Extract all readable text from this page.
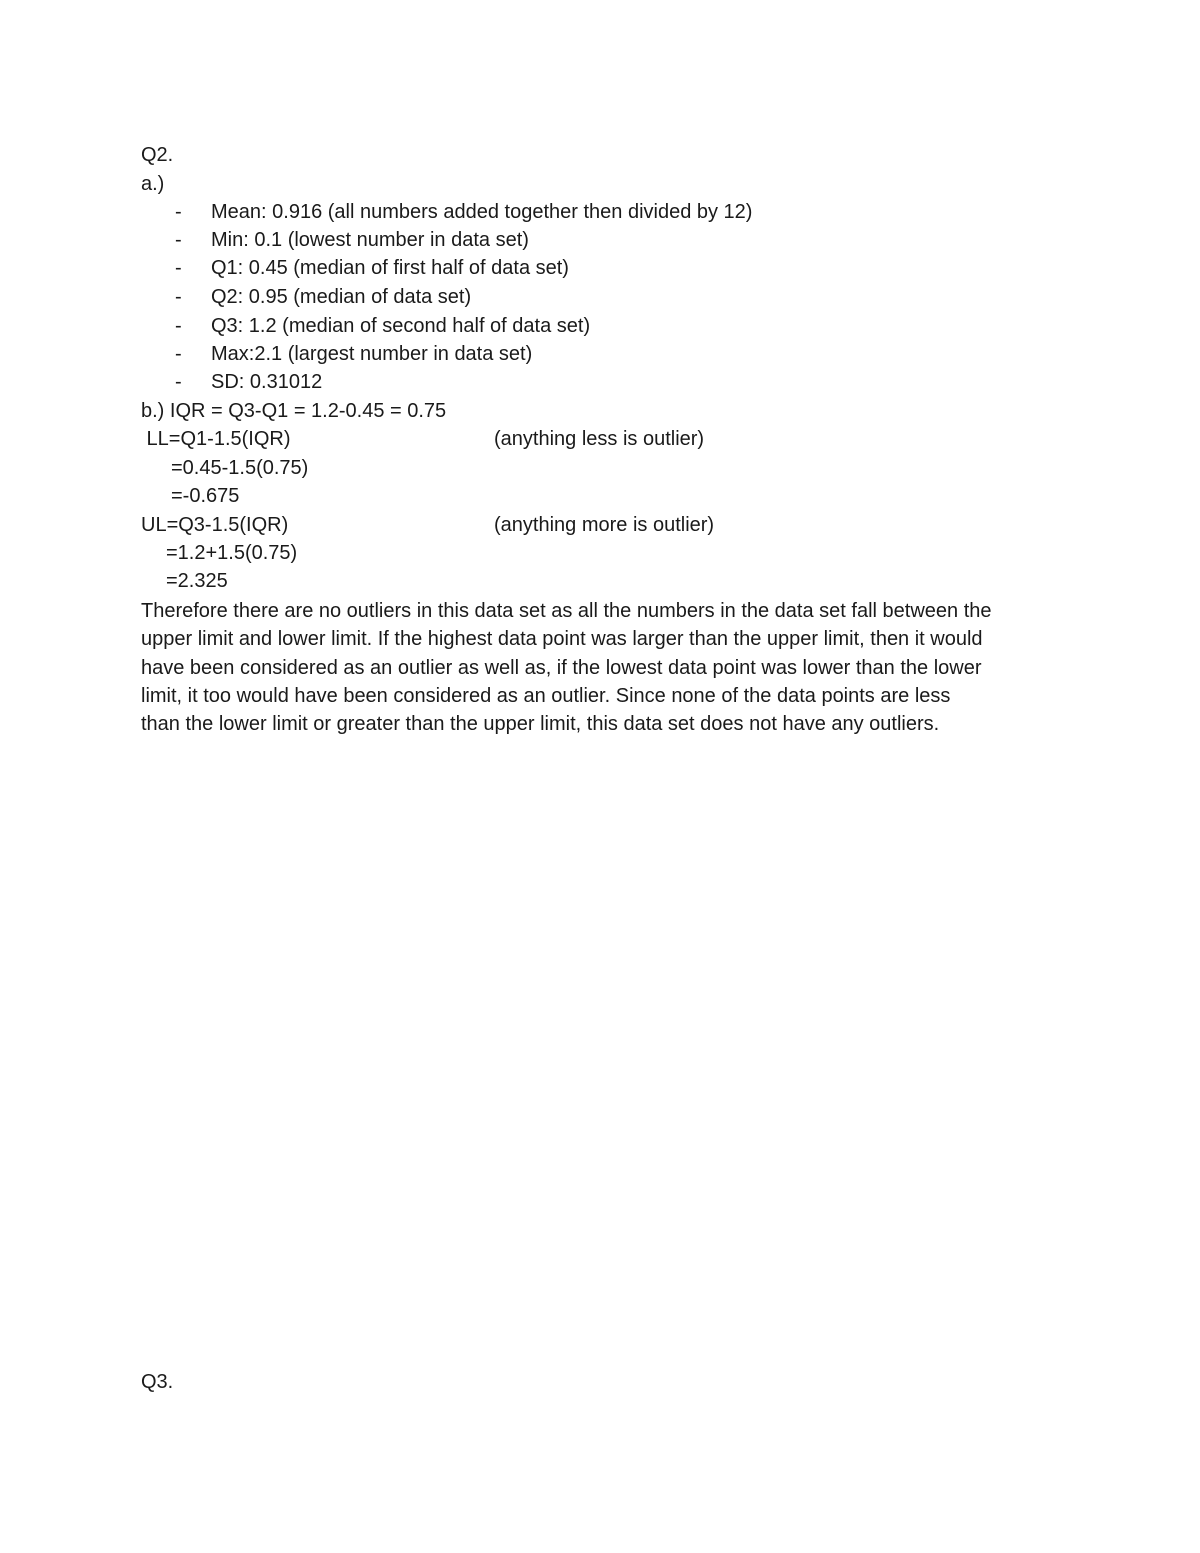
Q2.
a.)
- Mean: 0.916 (all numbers added together then divided by 12)
- Min: 0.1 (lowest number in data set)
- Q1: 0.45 (median of first half of data set)
- Q2: 0.95 (median of data set)
- Q3: 1.2 (median of second half of data set)
- Max:2.1 (largest number in data set)
- SD: 0.31012
b.) IQR = Q3-Q1 = 1.2-0.45 = 0.75
LL=Q1-1.5(IQR)	(anything less is outlier)
=0.45-1.5(0.75)
=-0.675
UL=Q3-1.5(IQR)	(anything more is outlier)
=1.2+1.5(0.75)
=2.325
Therefore there are no outliers in this data set as all the numbers in the data set fall between the
upper limit and lower limit. If the highest data point was larger than the upper limit, then it would
have been considered as an outlier as well as, if the lowest data point was lower than the lower
limit, it too would have been considered as an outlier. Since none of the data points are less
than the lower limit or greater than the upper limit, this data set does not have any outliers.
Q3.
